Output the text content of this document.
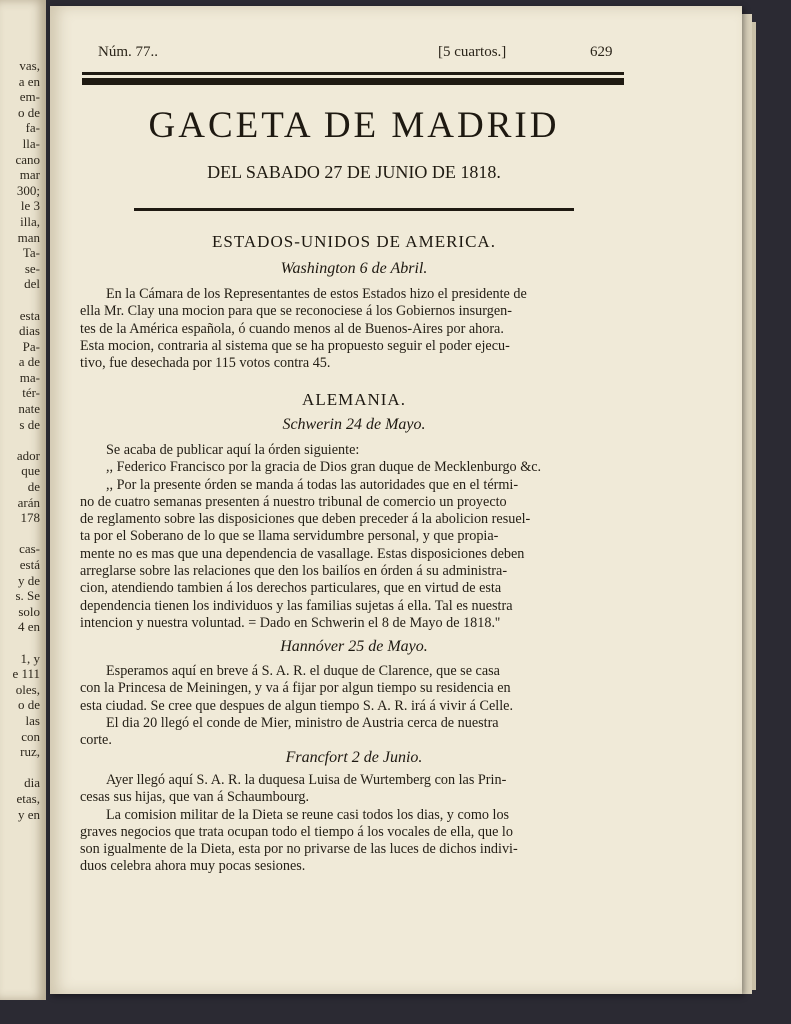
vas,
a en
em-
o de
fa-
lla-
cano
mar
300;
le 3
illa,
man
Ta-
se-
del

esta
dias
Pa-
a de
ma-
tér-
nate
s de

ador
que
de
arán
178

cas-
está
y de
s. Se
solo
4 en

1, y
e 111
oles,
o de
las
con
ruz,

dia
etas,
y en
Núm. 77..	[5 cuartos.]	629
GACETA DE MADRID
DEL SABADO 27 DE JUNIO DE 1818.
ESTADOS-UNIDOS DE AMERICA.
Washington 6 de Abril.
En la Cámara de los Representantes de estos Estados hizo el presidente de
ella Mr. Clay una mocion para que se reconociese á los Gobiernos insurgen-
tes de la América española, ó cuando menos al de Buenos-Aires por ahora.
Esta mocion, contraria al sistema que se ha propuesto seguir el poder ejecu-
tivo, fue desechada por 115 votos contra 45.
ALEMANIA.
Schwerin 24 de Mayo.
Se acaba de publicar aquí la órden siguiente:
,, Federico Francisco por la gracia de Dios gran duque de Mecklenburgo &c.
,, Por la presente órden se manda á todas las autoridades que en el térmi-
no de cuatro semanas presenten á nuestro tribunal de comercio un proyecto
de reglamento sobre las disposiciones que deben preceder á la abolicion resuel-
ta por el Soberano de lo que se llama servidumbre personal, y que propia-
mente no es mas que una dependencia de vasallage. Estas disposiciones deben
arreglarse sobre las relaciones que den los bailíos en órden á su administra-
cion, atendiendo tambien á los derechos particulares, que en virtud de esta
dependencia tienen los individuos y las familias sujetas á ella. Tal es nuestra
intencion y nuestra voluntad. = Dado en Schwerin el 8 de Mayo de 1818.''
Hannóver 25 de Mayo.
Esperamos aquí en breve á S. A. R. el duque de Clarence, que se casa
con la Princesa de Meiningen, y va á fijar por algun tiempo su residencia en
esta ciudad. Se cree que despues de algun tiempo S. A. R. irá á vivir á Celle.
El dia 20 llegó el conde de Mier, ministro de Austria cerca de nuestra
corte.
Francfort 2 de Junio.
Ayer llegó aquí S. A. R. la duquesa Luisa de Wurtemberg con las Prin-
cesas sus hijas, que van á Schaumbourg.
La comision militar de la Dieta se reune casi todos los dias, y como los
graves negocios que trata ocupan todo el tiempo á los vocales de ella, que lo
son igualmente de la Dieta, esta por no privarse de las luces de dichos indivi-
duos celebra ahora muy pocas sesiones.
